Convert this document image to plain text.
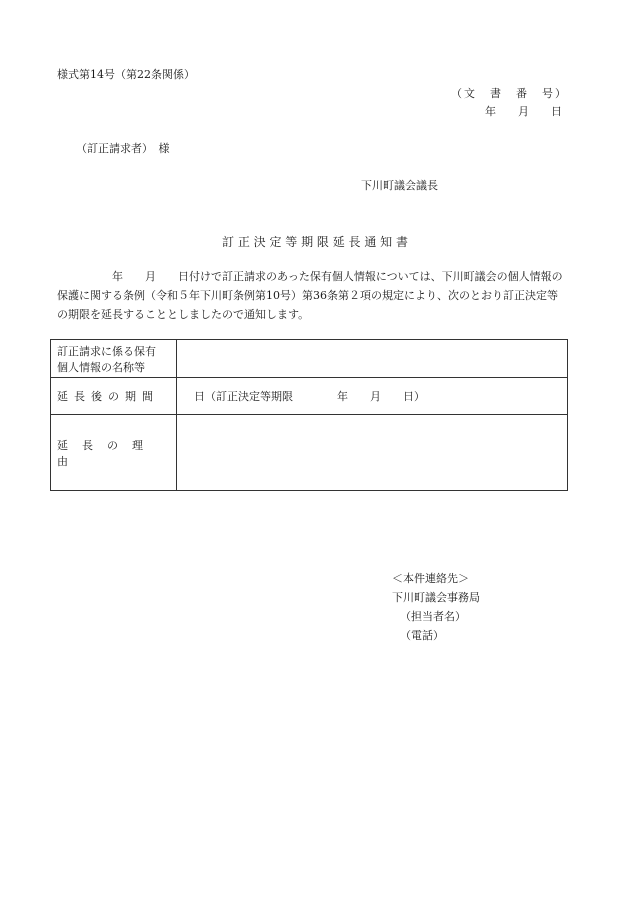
様式第14号（第22条関係）
（文　書　番　号）
年　　月　　日
（訂正請求者）　様
下川町議会議長
訂 正 決 定 等 期 限 延 長 通 知 書
　　　　　年　　月　　日付けで訂正請求のあった保有個人情報については、下川町議会の個人情報の
保護に関する条例（令和５年下川町条例第10号）第36条第２項の規定により、次のとおり訂正決定等
の期限を延長することとしましたので通知します。
訂正請求に係る保有
個人情報の名称等	

延長後の期間	　日（訂正決定等期限　　　　年　　月　　日）
延長の理由	
＜本件連絡先＞
下川町議会事務局
（担当者名）
（電話）
